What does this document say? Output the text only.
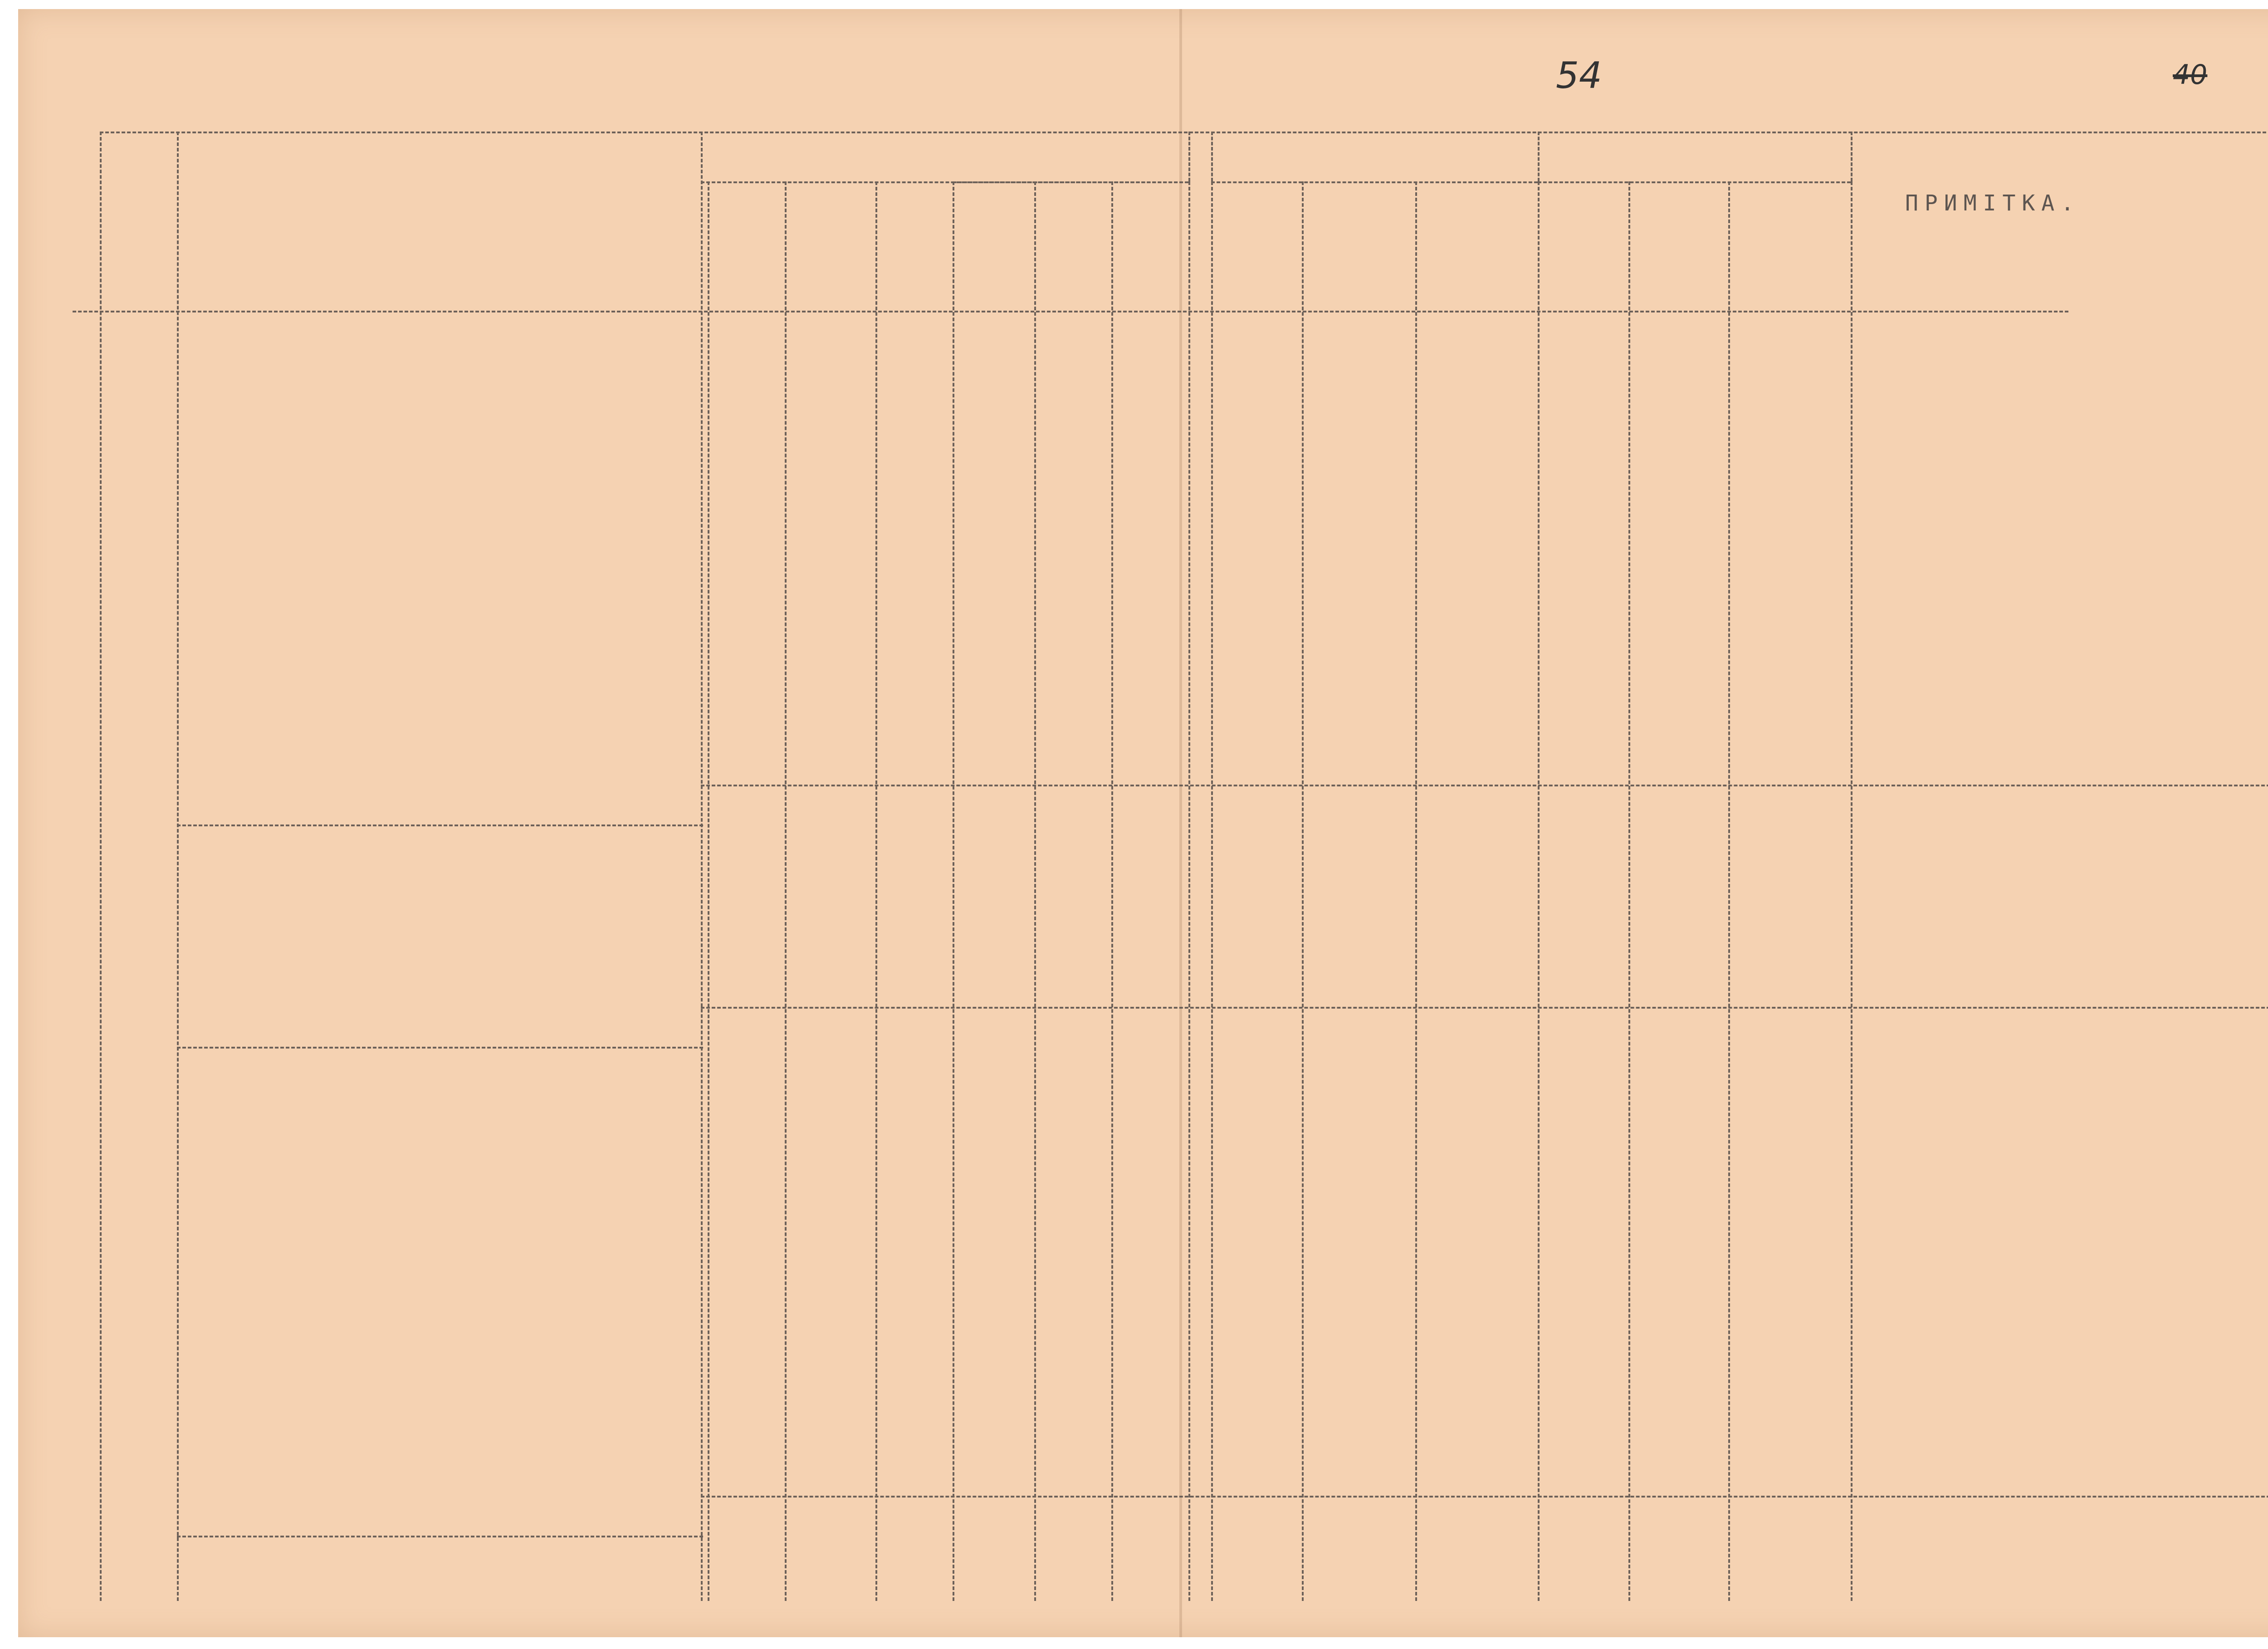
54	40
ПРИМІТКА.
